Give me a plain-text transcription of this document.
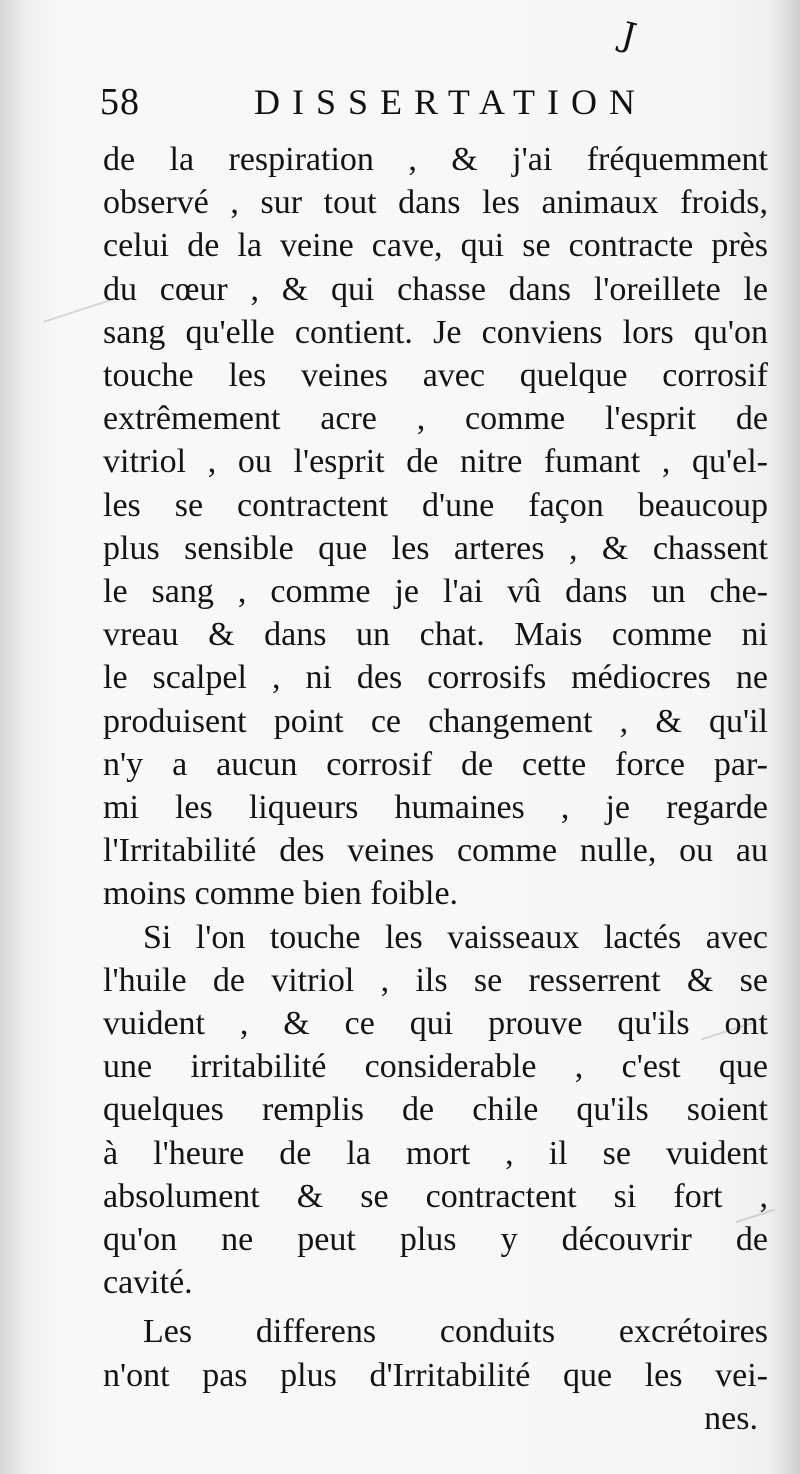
J
58	DISSERTATION
de la respiration , & j'ai fréquemment
observé , sur tout dans les animaux froids,
celui de la veine cave, qui se contracte près
du cœur , & qui chasse dans l'oreillete le
sang qu'elle contient. Je conviens lors qu'on
touche les veines avec quelque corrosif
extrêmement acre , comme l'esprit de
vitriol , ou l'esprit de nitre fumant , qu'el-
les se contractent d'une façon beaucoup
plus sensible que les arteres , & chassent
le sang , comme je l'ai vû dans un che-
vreau & dans un chat. Mais comme ni
le scalpel , ni des corrosifs médiocres ne
produisent point ce changement , & qu'il
n'y a aucun corrosif de cette force par-
mi les liqueurs humaines , je regarde
l'Irritabilité des veines comme nulle, ou au
moins comme bien foible.
Si l'on touche les vaisseaux lactés avec
l'huile de vitriol , ils se resserrent & se
vuident , & ce qui prouve qu'ils ont
une irritabilité considerable , c'est que
quelques remplis de chile qu'ils soient
à l'heure de la mort , il se vuident
absolument & se contractent si fort ,
qu'on ne peut plus y découvrir de
cavité.
Les differens conduits excrétoires
n'ont pas plus d'Irritabilité que les vei-
nes.
